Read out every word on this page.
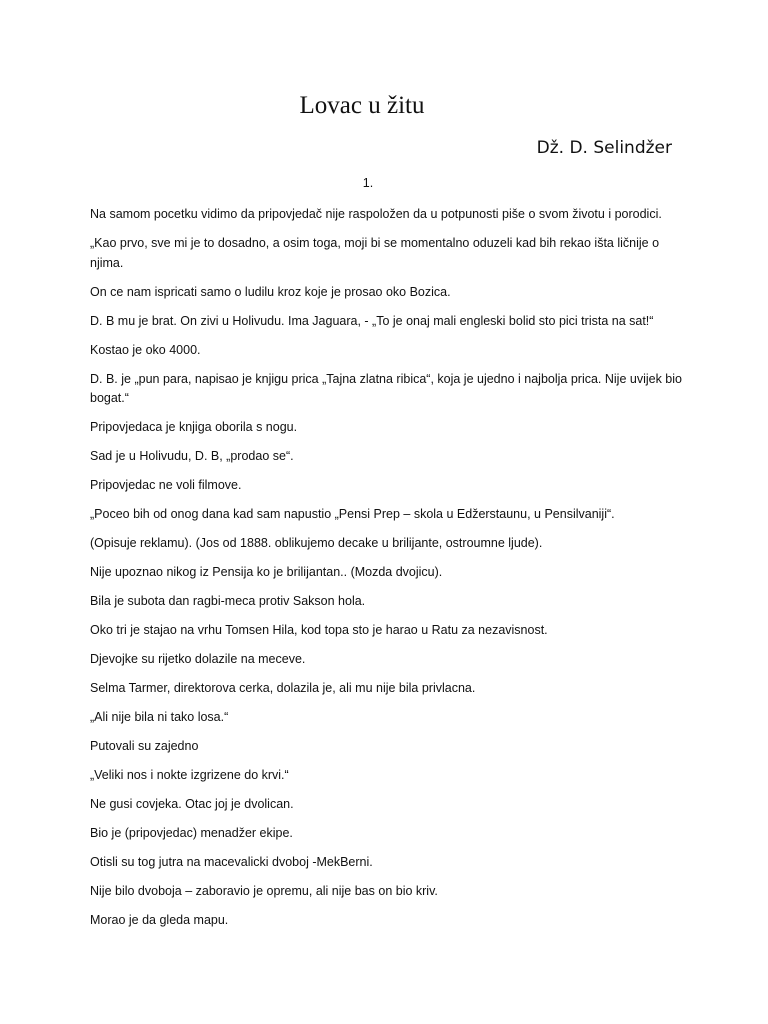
Lovac u žitu
Dž. D. Selindžer
1.

Na samom pocetku vidimo da pripovjedač nije raspoložen da u potpunosti piše o svom životu i porodici.

„Kao prvo, sve mi je to dosadno, a osim toga, moji bi se momentalno oduzeli kad bih rekao išta ličnije o njima.

On ce nam ispricati samo o ludilu kroz koje je prosao oko Bozica.

D. B mu je brat. On zivi u Holivudu. Ima Jaguara, - „To je onaj mali engleski bolid sto pici trista na sat!“

Kostao je oko 4000.

D. B. je „pun para, napisao je knjigu prica „Tajna zlatna ribica“, koja je ujedno i najbolja prica. Nije uvijek bio bogat.“

Pripovjedaca je knjiga oborila s nogu.

Sad je u Holivudu, D. B, „prodao se“.

Pripovjedac ne voli filmove.

„Poceo bih od onog dana kad sam napustio „Pensi Prep – skola u Edžerstaunu, u Pensilvaniji“.

(Opisuje reklamu). (Jos od 1888. oblikujemo decake u brilijante, ostroumne ljude).

Nije upoznao nikog iz Pensija ko je brilijantan.. (Mozda dvojicu).

Bila je subota dan ragbi-meca protiv Sakson hola.

Oko tri je stajao na vrhu Tomsen Hila, kod topa sto je harao u Ratu za nezavisnost.

Djevojke su rijetko dolazile na meceve.

Selma Tarmer, direktorova cerka, dolazila je, ali mu nije bila privlacna.

„Ali nije bila ni tako losa.“

Putovali su zajedno

„Veliki nos i nokte izgrizene do krvi.“

Ne gusi covjeka. Otac joj je dvolican.

Bio je (pripovjedac) menadžer ekipe.

Otisli su tog jutra na macevalicki dvoboj -MekBerni.

Nije bilo dvoboja – zaboravio je opremu, ali nije bas on bio kriv.

Morao je da gleda mapu.
